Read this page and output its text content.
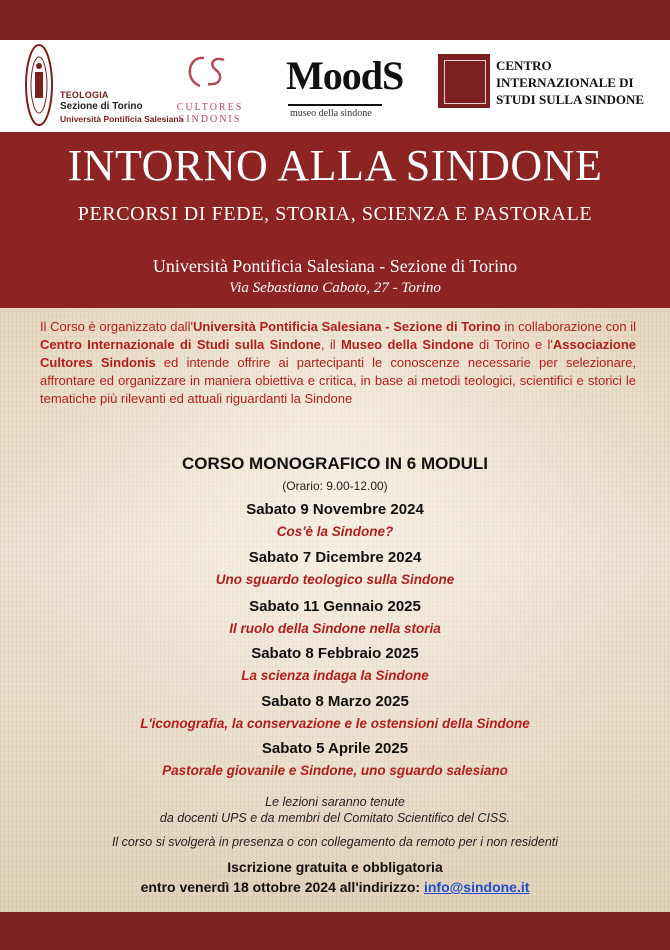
TEOLOGIA
Sezione di Torino
Università Pontificia Salesiana
CULTORES
SINDONIS
MoodS
museo della sindone
CENTRO
INTERNAZIONALE DI
STUDI SULLA SINDONE
INTORNO ALLA SINDONE
PERCORSI DI FEDE, STORIA, SCIENZA E PASTORALE
Università Pontificia Salesiana - Sezione di Torino
Via Sebastiano Caboto, 27 - Torino
Il Corso è organizzato dall'Università Pontificia Salesiana - Sezione di Torino in collaborazione con il Centro Internazionale di Studi sulla Sindone, il Museo della Sindone di Torino e l'Associazione Cultores Sindonis ed intende offrire ai partecipanti le conoscenze necessarie per selezionare, affrontare ed organizzare in maniera obiettiva e critica, in base ai metodi teologici, scientifici e storici le tematiche più rilevanti ed attuali riguardanti la Sindone
CORSO MONOGRAFICO IN 6 MODULI
(Orario: 9.00-12.00)
Sabato 9 Novembre 2024
Cos'è la Sindone?
Sabato 7 Dicembre 2024
Uno sguardo teologico sulla Sindone
Sabato 11 Gennaio 2025
Il ruolo della Sindone nella storia
Sabato 8 Febbraio 2025
La scienza indaga la Sindone
Sabato 8 Marzo 2025
L'iconografia, la conservazione e le ostensioni della Sindone
Sabato 5 Aprile 2025
Pastorale giovanile e Sindone, uno sguardo salesiano
Le lezioni saranno tenute
da docenti UPS e da membri del Comitato Scientifico del CISS.
Il corso si svolgerà in presenza o con collegamento da remoto per i non residenti
Iscrizione gratuita e obbligatoria
entro venerdì 18 ottobre 2024 all'indirizzo: info@sindone.it
